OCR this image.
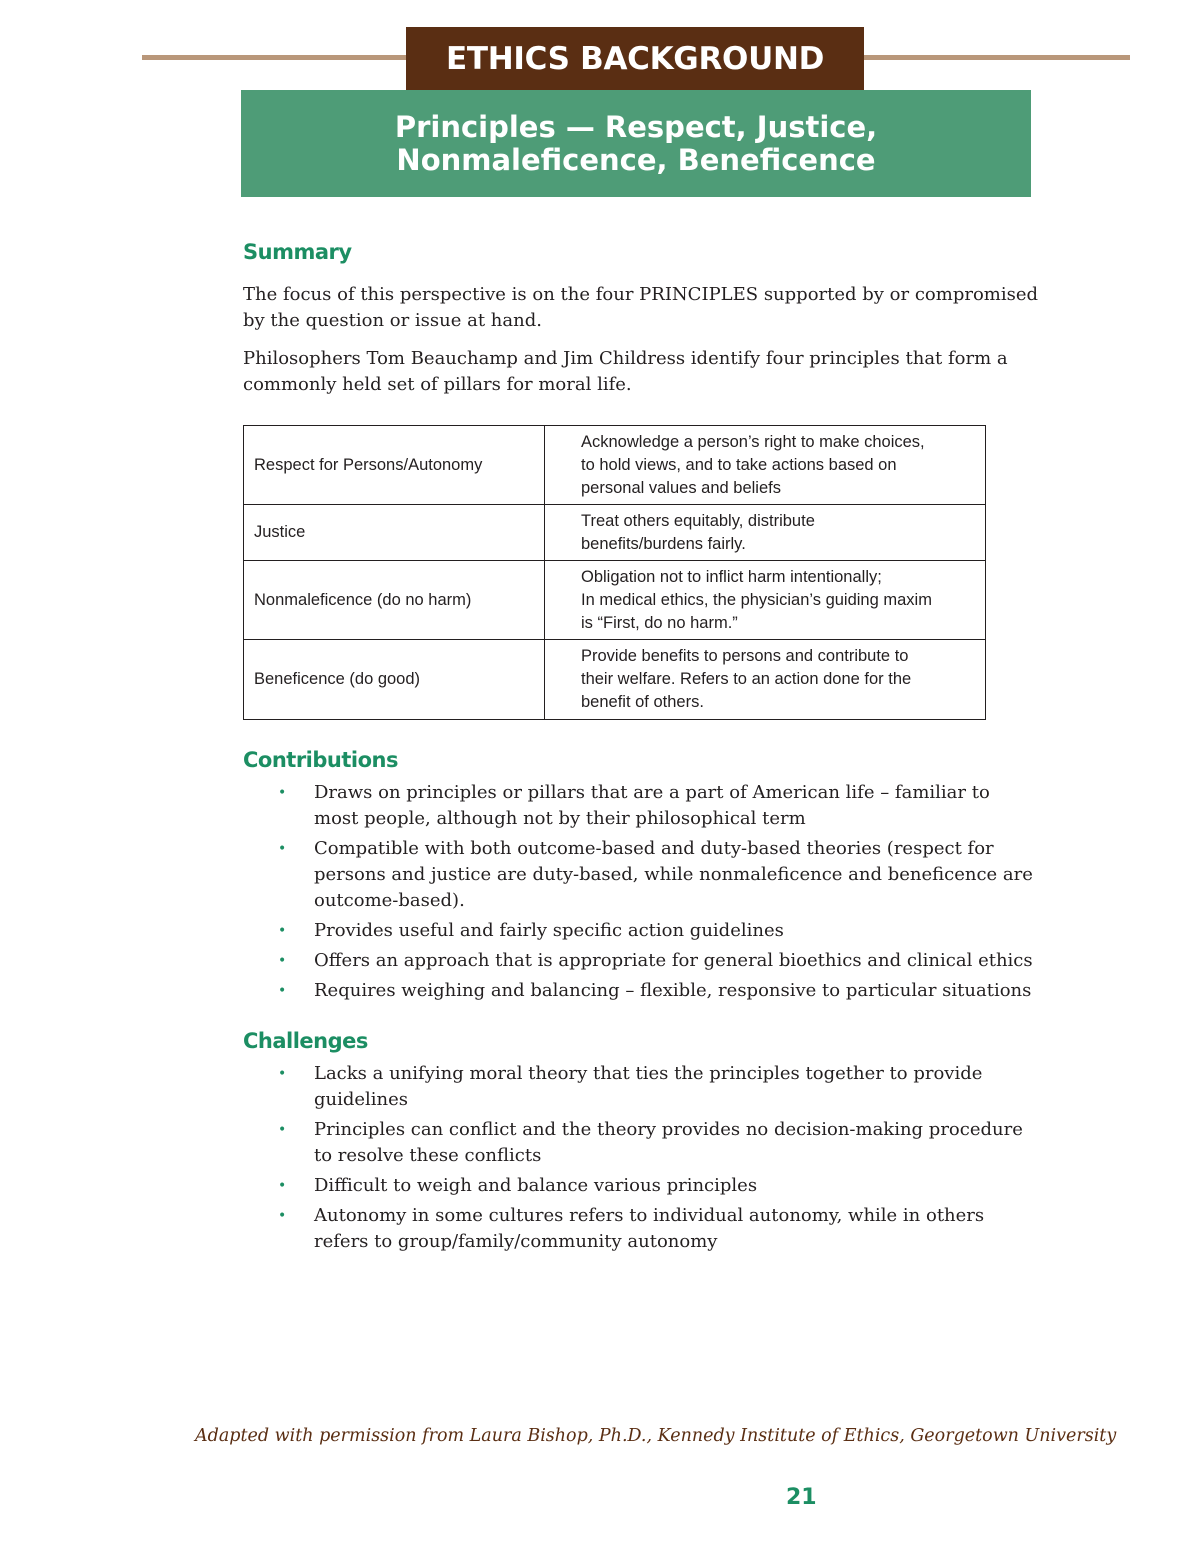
ETHICS BACKGROUND
Principles — Respect, Justice,
Nonmaleficence, Beneficence
Summary

The focus of this perspective is on the four PRINCIPLES supported by or compromised by the question or issue at hand.

Philosophers Tom Beauchamp and Jim Childress identify four principles that form a commonly held set of pillars for moral life.

Respect for Persons/Autonomy	Acknowledge a person’s right to make choices,
to hold views, and to take actions based on
personal values and beliefs

Justice	Treat others equitably, distribute
benefits/burdens fairly.

Nonmaleficence (do no harm)	Obligation not to inflict harm intentionally;
In medical ethics, the physician’s guiding maxim
is “First, do no harm.”

Beneficence (do good)	Provide benefits to persons and contribute to
their welfare. Refers to an action done for the
benefit of others.
Contributions
• Draws on principles or pillars that are a part of American life – familiar to most people, although not by their philosophical term
• Compatible with both outcome-based and duty-based theories (respect for persons and justice are duty-based, while nonmaleficence and beneficence are outcome-based).
• Provides useful and fairly specific action guidelines
• Offers an approach that is appropriate for general bioethics and clinical ethics
• Requires weighing and balancing – flexible, responsive to particular situations
Challenges
• Lacks a unifying moral theory that ties the principles together to provide guidelines
• Principles can conflict and the theory provides no decision-making procedure to resolve these conflicts
• Difficult to weigh and balance various principles
• Autonomy in some cultures refers to individual autonomy, while in others refers to group/family/community autonomy
Adapted with permission from Laura Bishop, Ph.D., Kennedy Institute of Ethics, Georgetown University
21
